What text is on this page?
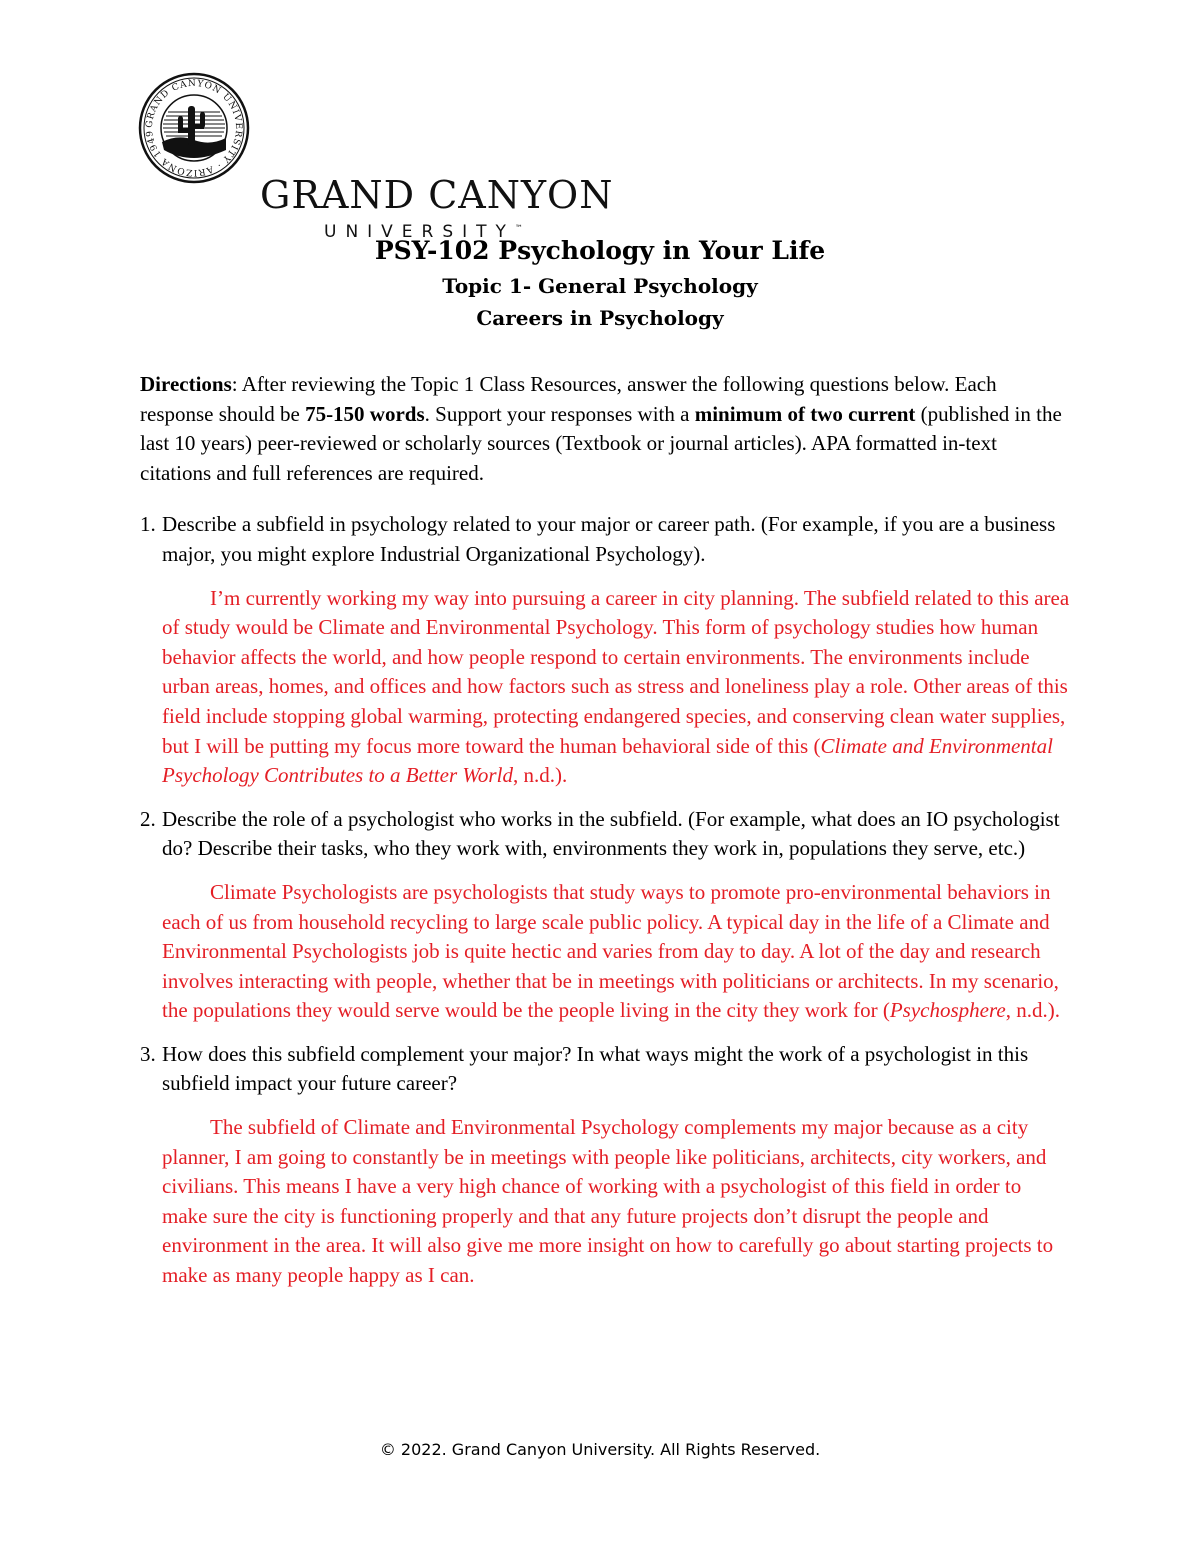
GRAND CANYON UNIVERSITY · ARIZONA 1949
GRAND CANYON
UNIVERSITY™
PSY-102 Psychology in Your Life
Topic 1- General Psychology
Careers in Psychology

Directions: After reviewing the Topic 1 Class Resources, answer the following questions below. Each response should be 75-150 words. Support your responses with a minimum of two current (published in the last 10 years) peer-reviewed or scholarly sources (Textbook or journal articles). APA formatted in-text citations and full references are required.

1. Describe a subfield in psychology related to your major or career path. (For example, if you are a business major, you might explore Industrial Organizational Psychology).

I’m currently working my way into pursuing a career in city planning. The subfield related to this area of study would be Climate and Environmental Psychology. This form of psychology studies how human behavior affects the world, and how people respond to certain environments. The environments include urban areas, homes, and offices and how factors such as stress and loneliness play a role. Other areas of this field include stopping global warming, protecting endangered species, and conserving clean water supplies, but I will be putting my focus more toward the human behavioral side of this (Climate and Environmental Psychology Contributes to a Better World, n.d.).

2. Describe the role of a psychologist who works in the subfield. (For example, what does an IO psychologist do? Describe their tasks, who they work with, environments they work in, populations they serve, etc.)

Climate Psychologists are psychologists that study ways to promote pro-environmental behaviors in each of us from household recycling to large scale public policy. A typical day in the life of a Climate and Environmental Psychologists job is quite hectic and varies from day to day. A lot of the day and research involves interacting with people, whether that be in meetings with politicians or architects. In my scenario, the populations they would serve would be the people living in the city they work for (Psychosphere, n.d.).

3. How does this subfield complement your major? In what ways might the work of a psychologist in this subfield impact your future career?

The subfield of Climate and Environmental Psychology complements my major because as a city planner, I am going to constantly be in meetings with people like politicians, architects, city workers, and civilians. This means I have a very high chance of working with a psychologist of this field in order to make sure the city is functioning properly and that any future projects don’t disrupt the people and environment in the area. It will also give me more insight on how to carefully go about starting projects to make as many people happy as I can.

© 2022. Grand Canyon University. All Rights Reserved.
